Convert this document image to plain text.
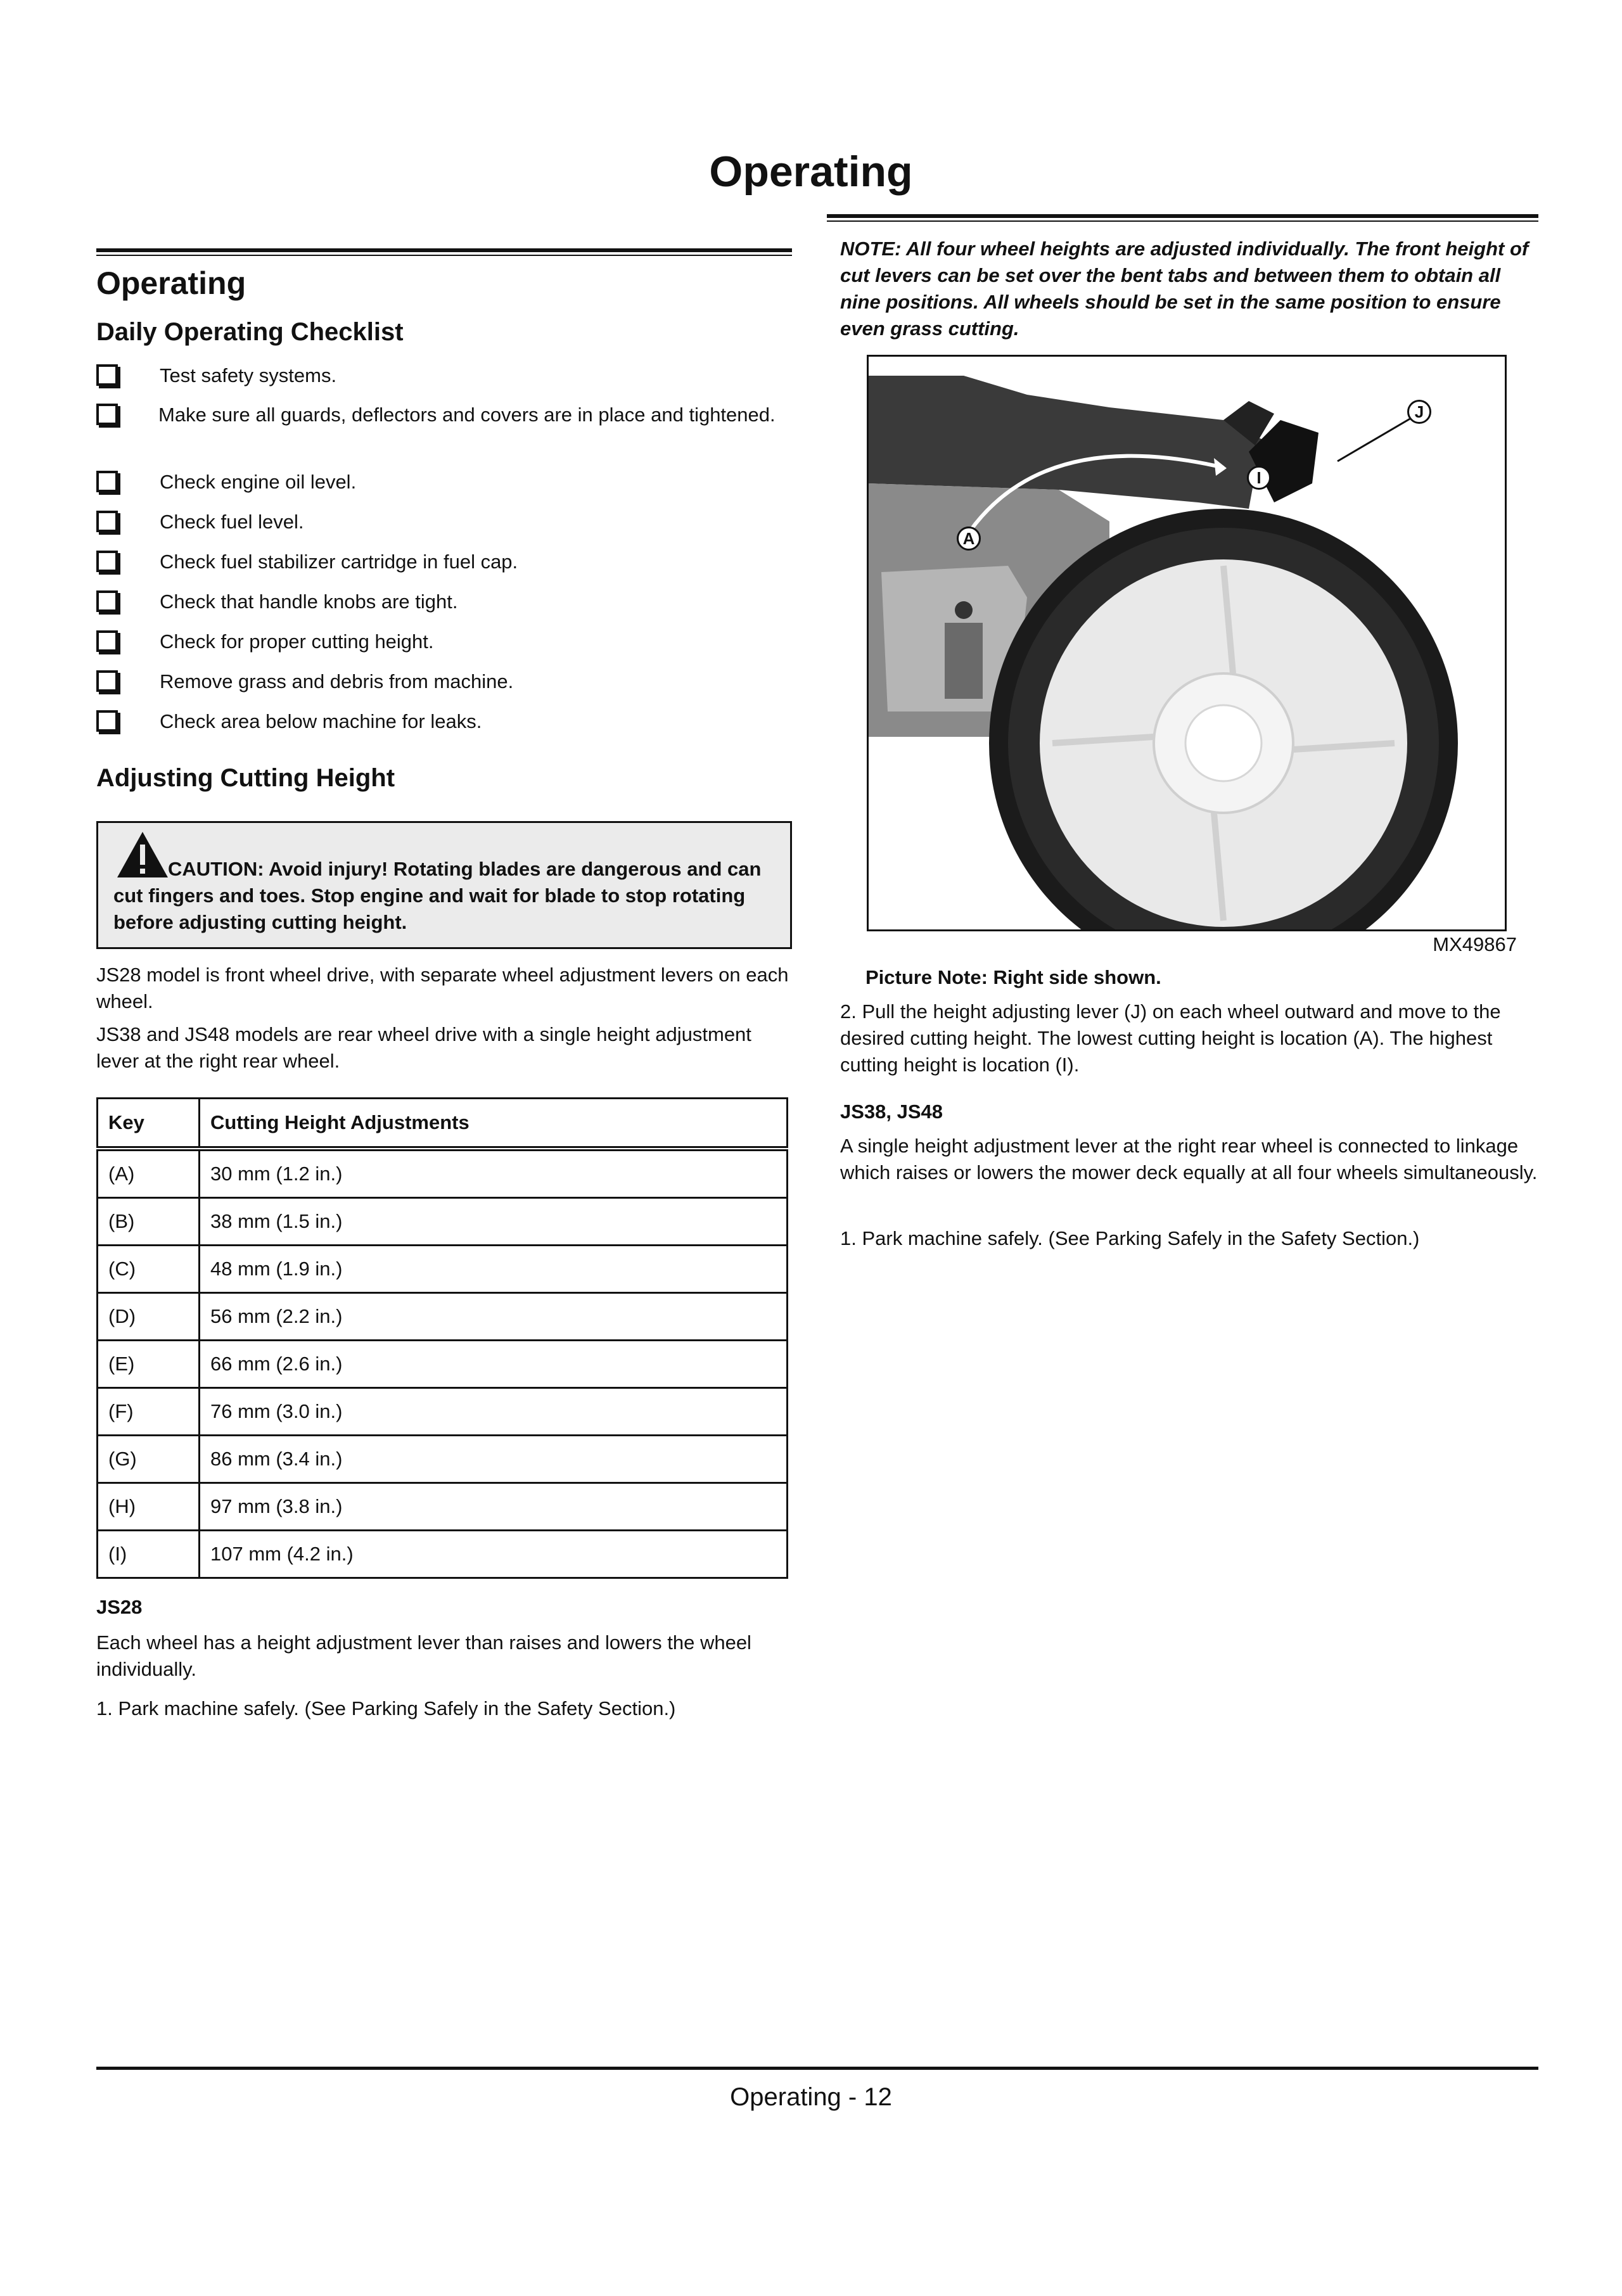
Operating
Operating
Daily Operating Checklist
Test safety systems.
Make sure all guards, deflectors and covers are in place and tightened.
Check engine oil level.
Check fuel level.
Check fuel stabilizer cartridge in fuel cap.
Check that handle knobs are tight.
Check for proper cutting height.
Remove grass and debris from machine.
Check area below machine for leaks.
Adjusting Cutting Height
CAUTION: Avoid injury! Rotating blades are dangerous and can cut fingers and toes. Stop engine and wait for blade to stop rotating before adjusting cutting height.
JS28 model is front wheel drive, with separate wheel adjustment levers on each wheel.
JS38 and JS48 models are rear wheel drive with a single height adjustment lever at the right rear wheel.
Key	Cutting Height Adjustments
(A)	30 mm (1.2 in.)
(B)	38 mm (1.5 in.)
(C)	48 mm (1.9 in.)
(D)	56 mm (2.2 in.)
(E)	66 mm (2.6 in.)
(F)	76 mm (3.0 in.)
(G)	86 mm (3.4 in.)
(H)	97 mm (3.8 in.)
(I)	107 mm (4.2 in.)
JS28
Each wheel has a height adjustment lever than raises and lowers the wheel individually.
1. Park machine safely. (See Parking Safely in the Safety Section.)
NOTE: All four wheel heights are adjusted individually. The front height of cut levers can be set over the bent tabs and between them to obtain all nine positions. All wheels should be set in the same position to ensure even grass cutting.
J
I
A
MX49867
Picture Note: Right side shown.
2. Pull the height adjusting lever (J) on each wheel outward and move to the desired cutting height. The lowest cutting height is location (A). The highest cutting height is location (I).
JS38, JS48
A single height adjustment lever at the right rear wheel is connected to linkage which raises or lowers the mower deck equally at all four wheels simultaneously.
1. Park machine safely. (See Parking Safely in the Safety Section.)
Operating - 12
